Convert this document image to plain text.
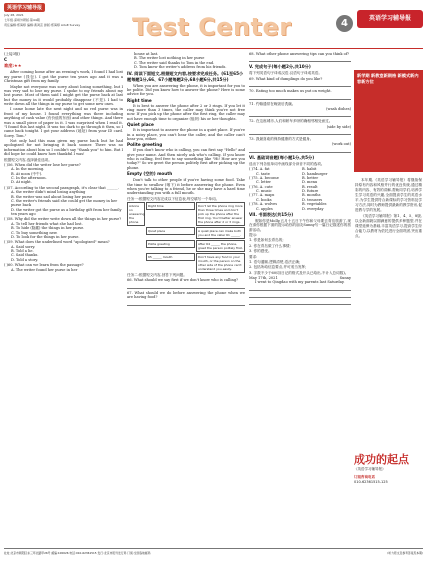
英语学习辅导报
July 28, 2021
七年级·深圳外研版·第44期
责任编辑:郑海婷 编辑:黄鸿芸 排版:郑海婷 Adult Survey	Test Center	4	英语学习辅导报
(上接3版)
C
难度:★★
After coming home after an evening's work, I found I had lost my purse (钱包). I got the purse ten years ago and it was a Christmas gift from my family.
Maybe not everyone was sorry about losing something, but I was very sad to lose my purse. I spoke to my friends about my lost purse. Most of them said I might get the purse back at last but the money in it would probably disappear (不见). I had to write down all the things in my purse to get some new ones.
I came home late the next night and no red purse was in front of my house. I found everything was there including anything of cash value (有价值的东西) and other things. And there was a small piece of paper in it. I was surprised when I read it. "I found this last night. It was too dark to go through it then, so I came back tonight. I got your address (地址) from your ID card. Sorry. Tom."
Not only had this man given my purse back but he had apologized for not bringing it back sooner. There was no information about him so I couldn't say "thank you" to him. But I did hope he could know how thankful I was!
根据短文内容,选择最佳选项。
( )56. When did the writer lose her purse?
A. In the morning.
B. At noon (中午).
C. In the afternoon.
D. At night.
( )57. According to the second paragraph, it's clear that ______.
A. the writer didn't mind losing anything
B. the writer was sad about losing her purse
C. the writer's friends said she could get the money in her purse back
D. the writer got the purse as a birthday gift from her family ten years ago
( )58. Why did the writer write down all the things in her purse?
A. To tell her friends what she had lost.
B. To hide (隐藏) the things in her purse.
C. To buy something new.
D. To look for the things in her purse.
( )59. What does the underlined word "apologized" mean?
A. Said sorry.
B. Told a lie.
C. Said thanks.
D. Told a story.
( )60. What can we learn from the passage?
A. The writer found her purse in her
house at last.
B. The writer lost nothing in her purse
C. The writer said thanks to Tom in the end.
D. Tom knew the writer's address from his friends.
IV. 阅读下面短文,根据短文内容,按要求完成任务。(61至65小题每题1分,66、67小题每题2分,68小题6分,共15分)
When you are answering the phone, it is important for you to be polite. Did you know how to answer the phone? Here is some advice for you.
Right time
It is best to answer the phone after 2 or 3 rings. If you let it ring more than 3 times, the caller may think you're not free now. If you pick up the phone after the first ring, the caller may not have enough time to organize (组织) his or her thoughts.
Quiet place
It is important to answer the phone in a quiet place. If you're in a noisy place, you can't hear the caller, and the caller can't hear you, either.
Polite greeting
If you don't know who is calling, you can first say "Hello" and give your name. And then nicely ask who's calling. If you know who is calling, feel free to say something like "Hi! How are you today?" So we greet the person politely first after picking up the phone.
Empty (空的) mouth
Don't talk to other people if you're having some food. Take the time to swallow (咽下) it before answering the phone. Even when you're talking to a friend, he or she may have a hard time understanding you with a full mouth.
任务一:根据短文内容完成以下信息表,每空填写一个单词。
Advice on answering the phone
Right time	Don't let the phone ring more than three times and don't pick up the phone after the first ring. You'd better answer the phone after 2 or 3 rings.
Quiet place	A quiet place can make both you and the caller 61 ______.
Polite greeting	After 64 ______ the phone, greet the person politely first.
65 ______ mouth	Don't have any food in your mouth, or the person on the other side of the phone can't understand you easily.
任务二:根据短文内容,回答下列问题。
66. What should we say first if we don't know who is calling?
67. What should we do before answering the phone when we are having food?
68. What other phone answering tips can you think of?
V. 完成句子(每小题2分,共10分)
将下列英语句子译成汉语,汉语句子译成英语。
69. What kind of dumplings do you like?
70. Eating too much makes us put on weight.
71. 约翰通常在晚饭后洗碗。
(wash dishes)
72. 在这座城市,人们和轿车多呀的确相邻相处而过。
(side by side)
73. 我最喜欢的保持健康的方式是健身。
(work out)
VI. 基础词音题(每小题1分,共5分)
选出下列各组单词中画线部分读音不同的选项。
( )74. A. fat	B. habit
C. taste	D. hamburger
( )75. A. become	B. better
C. letter	D. menu
( )76. A. cute	B. result
C. music	D. future
( )77. A. maps	B. months
C. books	D. trousers
( )78. A. wolves	B. vegetables
C. apples	D. everyday
VII. 书面表达(共15分)
假如你是Molly,五月十五日下午你和父母要去青岛旅游了,现在请你根据下面的提示给你的朋友Sunny写一篇日记描述你的旅游活动。
提示:
1. 你是如何去青岛的;
2. 你在青岛做了什么事情;
3. 你的感受。
要求:
1. 语句通顺,逻辑清楚,语法正确;
2. 包括所给信息要点,并可适当发挥;
3. 字数不少于60词(日记的格式及开头已给出,不计入总词数)。
May 17th, 2021	Sunny
I went to Qingdao with my parents last Saturday.
新学期 新教室新期格 新模式新内容新方位
本年期,《英语学习辅导报》将继续保持原有内容和风格并行的优良传统,通过精彩的内容、有效的讲解,帮助同学们,培养学生学习英语的兴趣,全面提高学生的英语水平,为学生提供符合新课标的学习资料及学习方法,同时为教师提供最新的教学资讯,促进教与学的发展。
《英语学习辅导报》第1、4、5、8版,以全新面貌以期满意的提供多种题型,并在课堂延伸为基础,丰富英语学习,提高学生综合能力,以教材为依托进行全面巩固,突出重点。
成功的起点
《英语学习辅导报》
订阅咨询电话
010-62361515-125
社址:北京市朝阳区东三环北路甲26号 邮编:100026 电话:010-62361515 发行:北京市报刊发行局 订阅:全国各地邮局	(听力原文及参考答案见本期)
